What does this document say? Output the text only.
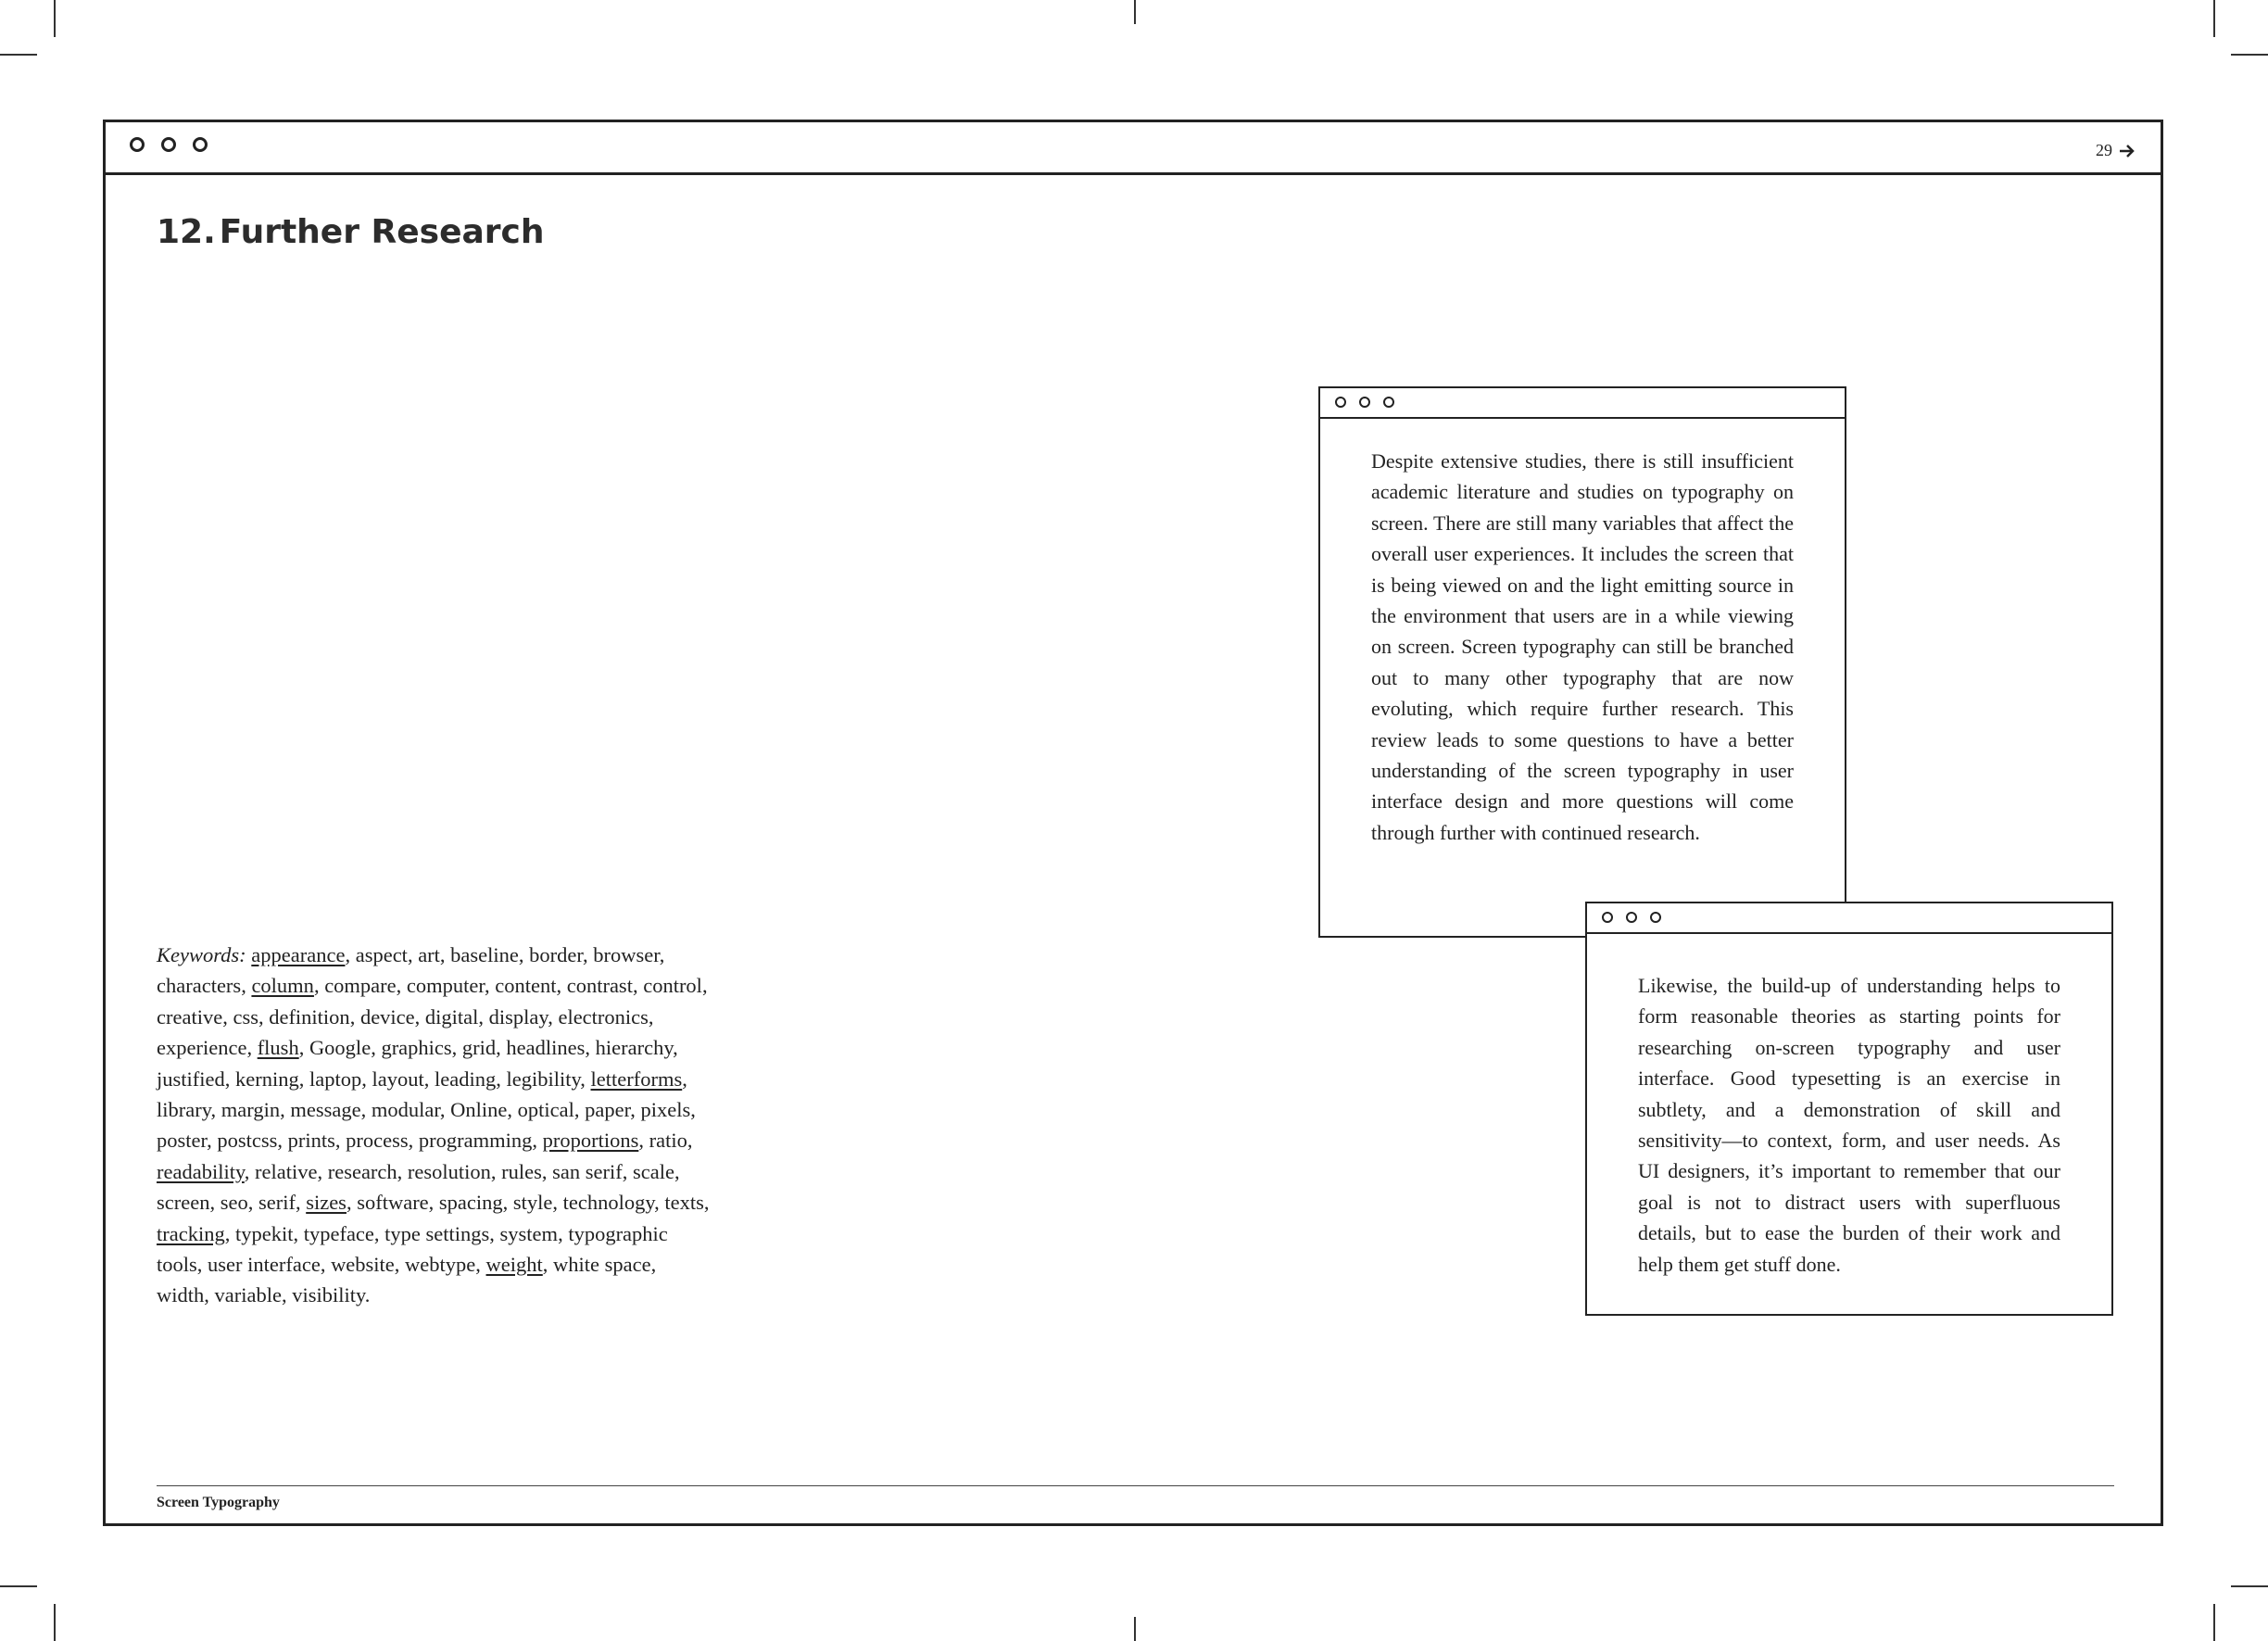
29
12. Further Research
Keywords: appearance, aspect, art, baseline, border, browser, characters, column, compare, computer, content, contrast, control, creative, css, definition, device, digital, display, electronics, experience, flush, Google, graphics, grid, headlines, hierarchy, justified, kerning, laptop, layout, leading, legibility, letterforms, library, margin, message, modular, Online, optical, paper, pixels, poster, postcss, prints, process, programming, proportions, ratio, readability, relative, research, resolution, rules, san serif, scale, screen, seo, serif, sizes, software, spacing, style, technology, texts, tracking, typekit, typeface, type settings, system, typographic tools, user interface, website, webtype, weight, white space, width, variable, visibility.
Screen Typography

Despite extensive studies, there is still insufficient academic literature and studies on typography on screen. There are still many variables that affect the overall user experiences. It includes the screen that is being viewed on and the light emitting source in the environment that users are in a while viewing on screen. Screen typography can still be branched out to many other typography that are now evoluting, which require further research. This review leads to some questions to have a better understanding of the screen typography in user interface design and more questions will come through further with continued research.

Likewise, the build-up of understanding helps to form reasonable theories as starting points for researching on-screen typography and user interface. Good typesetting is an exercise in subtlety, and a demonstration of skill and sensitivity—to context, form, and user needs. As UI designers, it’s important to remember that our goal is not to distract users with superfluous details, but to ease the burden of their work and help them get stuff done.
